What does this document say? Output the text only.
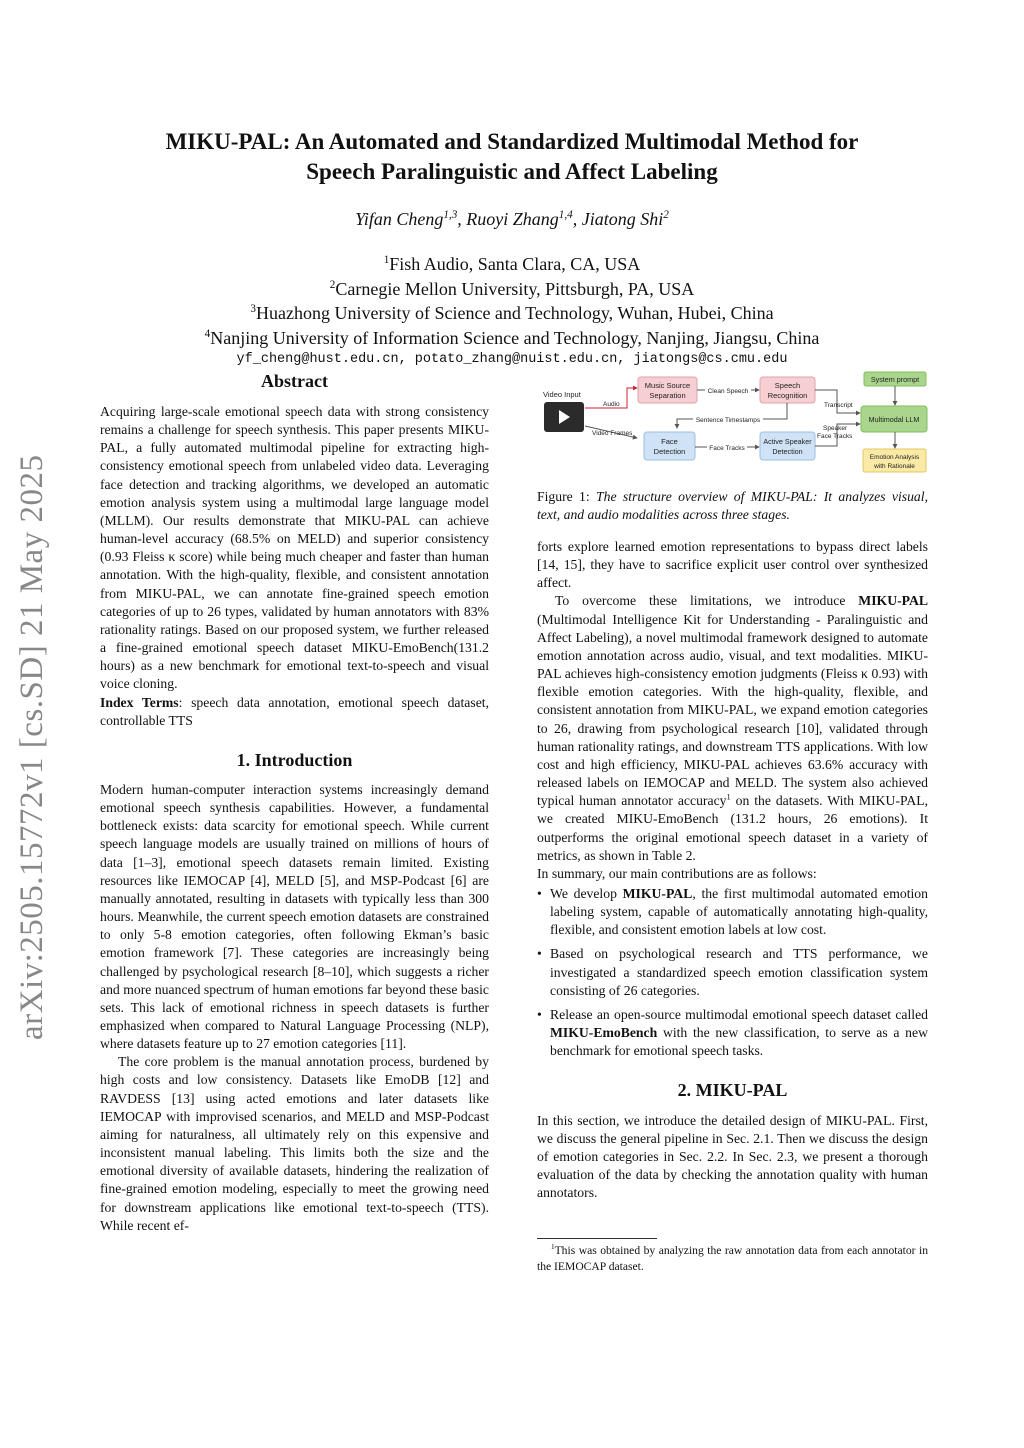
arXiv:2505.15772v1 [cs.SD] 21 May 2025
MIKU-PAL: An Automated and Standardized Multimodal Method for
Speech Paralinguistic and Affect Labeling
Yifan Cheng$^{1,3}$, Ruoyi Zhang$^{1,4}$, Jiatong Shi$^2$
$^1$Fish Audio, Santa Clara, CA, USA
$^2$Carnegie Mellon University, Pittsburgh, PA, USA
$^3$Huazhong University of Science and Technology, Wuhan, Hubei, China
$^4$Nanjing University of Information Science and Technology, Nanjing, Jiangsu, China
yf_cheng@hust.edu.cn, potato_zhang@nuist.edu.cn, jiatongs@cs.cmu.edu
Abstract

Acquiring large-scale emotional speech data with strong consistency remains a challenge for speech synthesis. This paper presents MIKU-PAL, a fully automated multimodal pipeline for extracting high-consistency emotional speech from unlabeled video data. Leveraging face detection and tracking algorithms, we developed an automatic emotion analysis system using a multimodal large language model (MLLM). Our results demonstrate that MIKU-PAL can achieve human-level accuracy (68.5% on MELD) and superior consistency (0.93 Fleiss κ score) while being much cheaper and faster than human annotation. With the high-quality, flexible, and consistent annotation from MIKU-PAL, we can annotate fine-grained speech emotion categories of up to 26 types, validated by human annotators with 83% rationality ratings. Based on our proposed system, we further released a fine-grained emotional speech dataset MIKU-EmoBench(131.2 hours) as a new benchmark for emotional text-to-speech and visual voice cloning.

Index Terms: speech data annotation, emotional speech dataset, controllable TTS

1. Introduction

Modern human-computer interaction systems increasingly demand emotional speech synthesis capabilities. However, a fundamental bottleneck exists: data scarcity for emotional speech. While current speech language models are usually trained on millions of hours of data [1–3], emotional speech datasets remain limited. Existing resources like IEMOCAP [4], MELD [5], and MSP-Podcast [6] are manually annotated, resulting in datasets with typically less than 300 hours. Meanwhile, the current speech emotion datasets are constrained to only 5-8 emotion categories, often following Ekman’s basic emotion framework [7]. These categories are increasingly being challenged by psychological research [8–10], which suggests a richer and more nuanced spectrum of human emotions far beyond these basic sets. This lack of emotional richness in speech datasets is further emphasized when compared to Natural Language Processing (NLP), where datasets feature up to 27 emotion categories [11].

The core problem is the manual annotation process, burdened by high costs and low consistency. Datasets like EmoDB [12] and RAVDESS [13] using acted emotions and later datasets like IEMOCAP with improvised scenarios, and MELD and MSP-Podcast aiming for naturalness, all ultimately rely on this expensive and inconsistent manual labeling. This limits both the size and the emotional diversity of available datasets, hindering the realization of fine-grained emotion modeling, especially to meet the growing need for downstream applications like emotional text-to-speech (TTS). While recent ef-

Video Input
Audio
Video Frames
Music Source
Separation	Clean Speech
Speech
Recognition
Sentence Timestamps
Transcript
Face
Detection	Face Tracks
Active Speaker
Detection
Speaker
Face Tracks
System prompt
Multimodal LLM
Emotion Analysis
with Rationale
Figure 1: The structure overview of MIKU-PAL: It analyzes visual, text, and audio modalities across three stages.

forts explore learned emotion representations to bypass direct labels [14, 15], they have to sacrifice explicit user control over synthesized affect.

To overcome these limitations, we introduce MIKU-PAL (Multimodal Intelligence Kit for Understanding - Paralinguistic and Affect Labeling), a novel multimodal framework designed to automate emotion annotation across audio, visual, and text modalities. MIKU-PAL achieves high-consistency emotion judgments (Fleiss κ 0.93) with flexible emotion categories. With the high-quality, flexible, and consistent annotation from MIKU-PAL, we expand emotion categories to 26, drawing from psychological research [10], validated through human rationality ratings, and downstream TTS applications. With low cost and high efficiency, MIKU-PAL achieves 63.6% accuracy with released labels on IEMOCAP and MELD. The system also achieved typical human annotator accuracy$^1$ on the datasets. With MIKU-PAL, we created MIKU-EmoBench (131.2 hours, 26 emotions). It outperforms the original emotional speech dataset in a variety of metrics, as shown in Table 2.

In summary, our main contributions are as follows:

• We develop MIKU-PAL, the first multimodal automated emotion labeling system, capable of automatically annotating high-quality, flexible, and consistent emotion labels at low cost.
• Based on psychological research and TTS performance, we investigated a standardized speech emotion classification system consisting of 26 categories.
• Release an open-source multimodal emotional speech dataset called MIKU-EmoBench with the new classification, to serve as a new benchmark for emotional speech tasks.
2. MIKU-PAL

In this section, we introduce the detailed design of MIKU-PAL. First, we discuss the general pipeline in Sec. 2.1. Then we discuss the design of emotion categories in Sec. 2.2. In Sec. 2.3, we present a thorough evaluation of the data by checking the annotation quality with human annotators.

$^1$This was obtained by analyzing the raw annotation data from each annotator in the IEMOCAP dataset.
